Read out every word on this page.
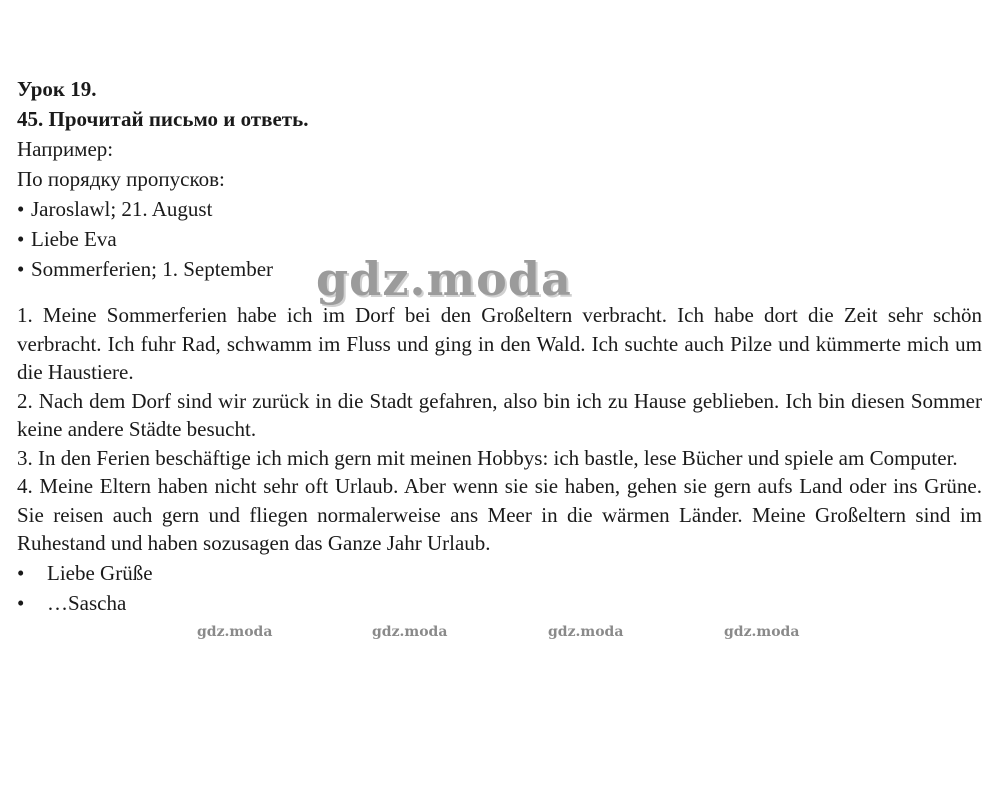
Урок 19.
45. Прочитай письмо и ответь.
Например:
По порядку пропусков:
• Jaroslawl; 21. August
• Liebe Eva
• Sommerferien; 1. September
1. Meine Sommerferien habe ich im Dorf bei den Großeltern verbracht. Ich habe dort die Zeit sehr schön verbracht. Ich fuhr Rad, schwamm im Fluss und ging in den Wald. Ich suchte auch Pilze und kümmerte mich um die Haustiere.
2. Nach dem Dorf sind wir zurück in die Stadt gefahren, also bin ich zu Hause geblieben. Ich bin diesen Sommer keine andere Städte besucht.
3. In den Ferien beschäftige ich mich gern mit meinen Hobbys: ich bastle, lese Bücher und spiele am Computer.
4. Meine Eltern haben nicht sehr oft Urlaub. Aber wenn sie sie haben, gehen sie gern aufs Land oder ins Grüne. Sie reisen auch gern und fliegen normalerweise ans Meer in die wärmen Länder. Meine Großeltern sind im Ruhestand und haben sozusagen das Ganze Jahr Urlaub.
•	Liebe Grüße
•	…Sascha
gdz.moda
gdz.moda	gdz.moda	gdz.moda	gdz.moda
